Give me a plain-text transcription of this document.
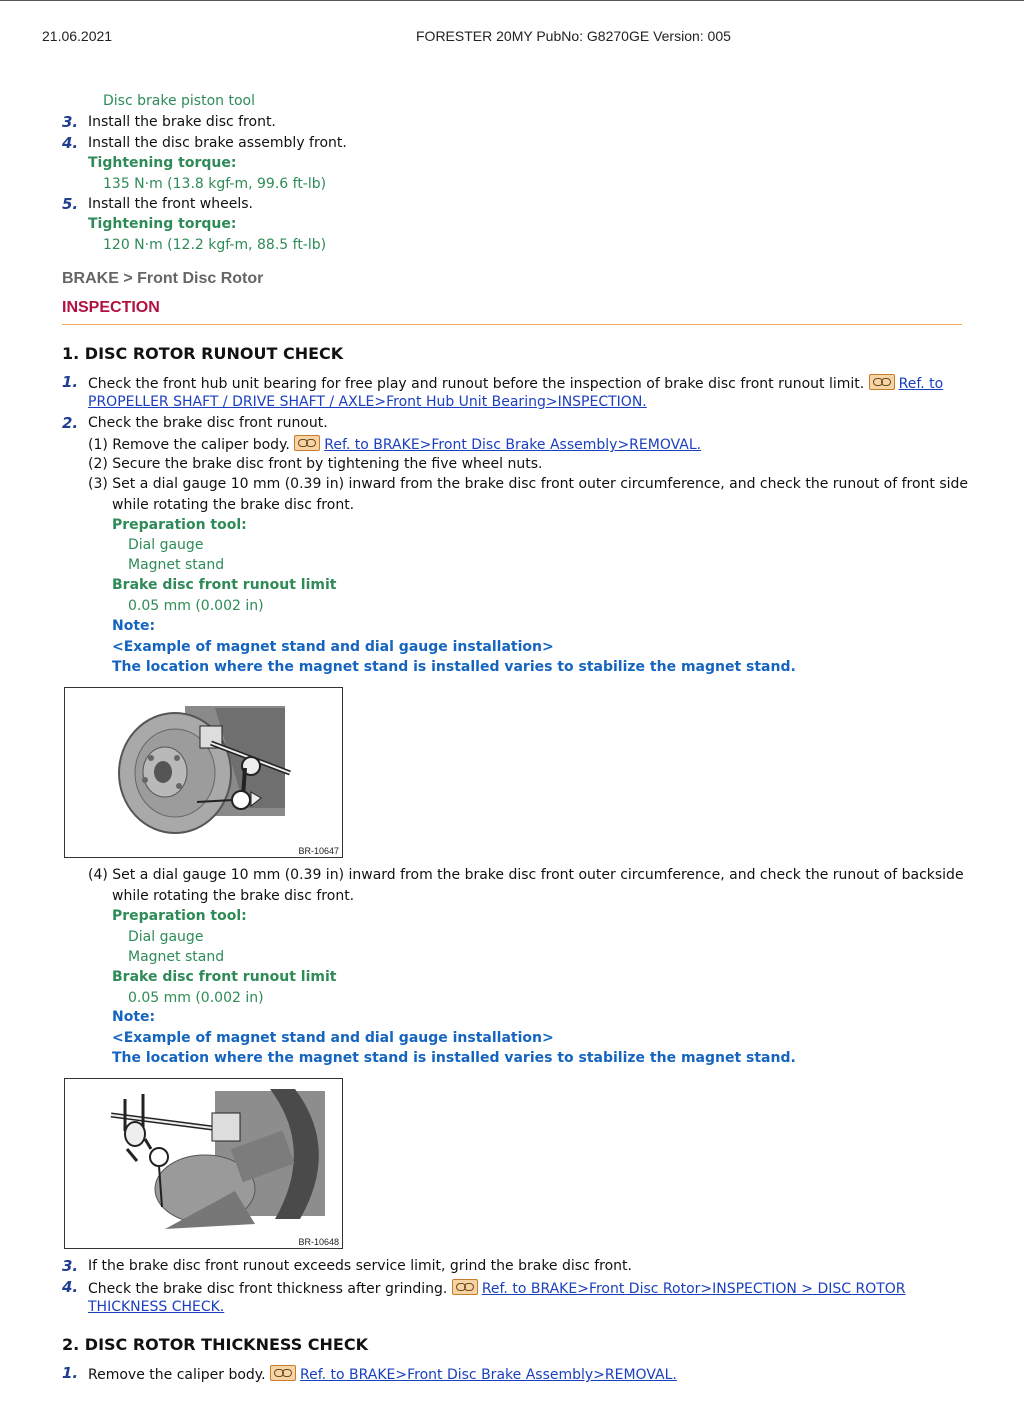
21.06.2021	FORESTER 20MY PubNo: G8270GE Version: 005
Disc brake piston tool
3. Install the brake disc front.
4. Install the disc brake assembly front.
Tightening torque:
135 N·m (13.8 kgf-m, 99.6 ft-lb)
5. Install the front wheels.
Tightening torque:
120 N·m (12.2 kgf-m, 88.5 ft-lb)
BRAKE > Front Disc Rotor
INSPECTION
1. DISC ROTOR RUNOUT CHECK
1. Check the front hub unit bearing for free play and runout before the inspection of brake disc front runout limit. Ref. to
PROPELLER SHAFT / DRIVE SHAFT / AXLE>Front Hub Unit Bearing>INSPECTION.
2. Check the brake disc front runout.
(1) Remove the caliper body. Ref. to BRAKE>Front Disc Brake Assembly>REMOVAL.
(2) Secure the brake disc front by tightening the five wheel nuts.
(3) Set a dial gauge 10 mm (0.39 in) inward from the brake disc front outer circumference, and check the runout of front side
while rotating the brake disc front.
Preparation tool:
Dial gauge
Magnet stand
Brake disc front runout limit
0.05 mm (0.002 in)
Note:
<Example of magnet stand and dial gauge installation>
The location where the magnet stand is installed varies to stabilize the magnet stand.
BR-10647
(4) Set a dial gauge 10 mm (0.39 in) inward from the brake disc front outer circumference, and check the runout of backside
while rotating the brake disc front.
Preparation tool:
Dial gauge
Magnet stand
Brake disc front runout limit
0.05 mm (0.002 in)
Note:
<Example of magnet stand and dial gauge installation>
The location where the magnet stand is installed varies to stabilize the magnet stand.
BR-10648
3. If the brake disc front runout exceeds service limit, grind the brake disc front.
4. Check the brake disc front thickness after grinding. Ref. to BRAKE>Front Disc Rotor>INSPECTION > DISC ROTOR
THICKNESS CHECK.
2. DISC ROTOR THICKNESS CHECK
1. Remove the caliper body. Ref. to BRAKE>Front Disc Brake Assembly>REMOVAL.
